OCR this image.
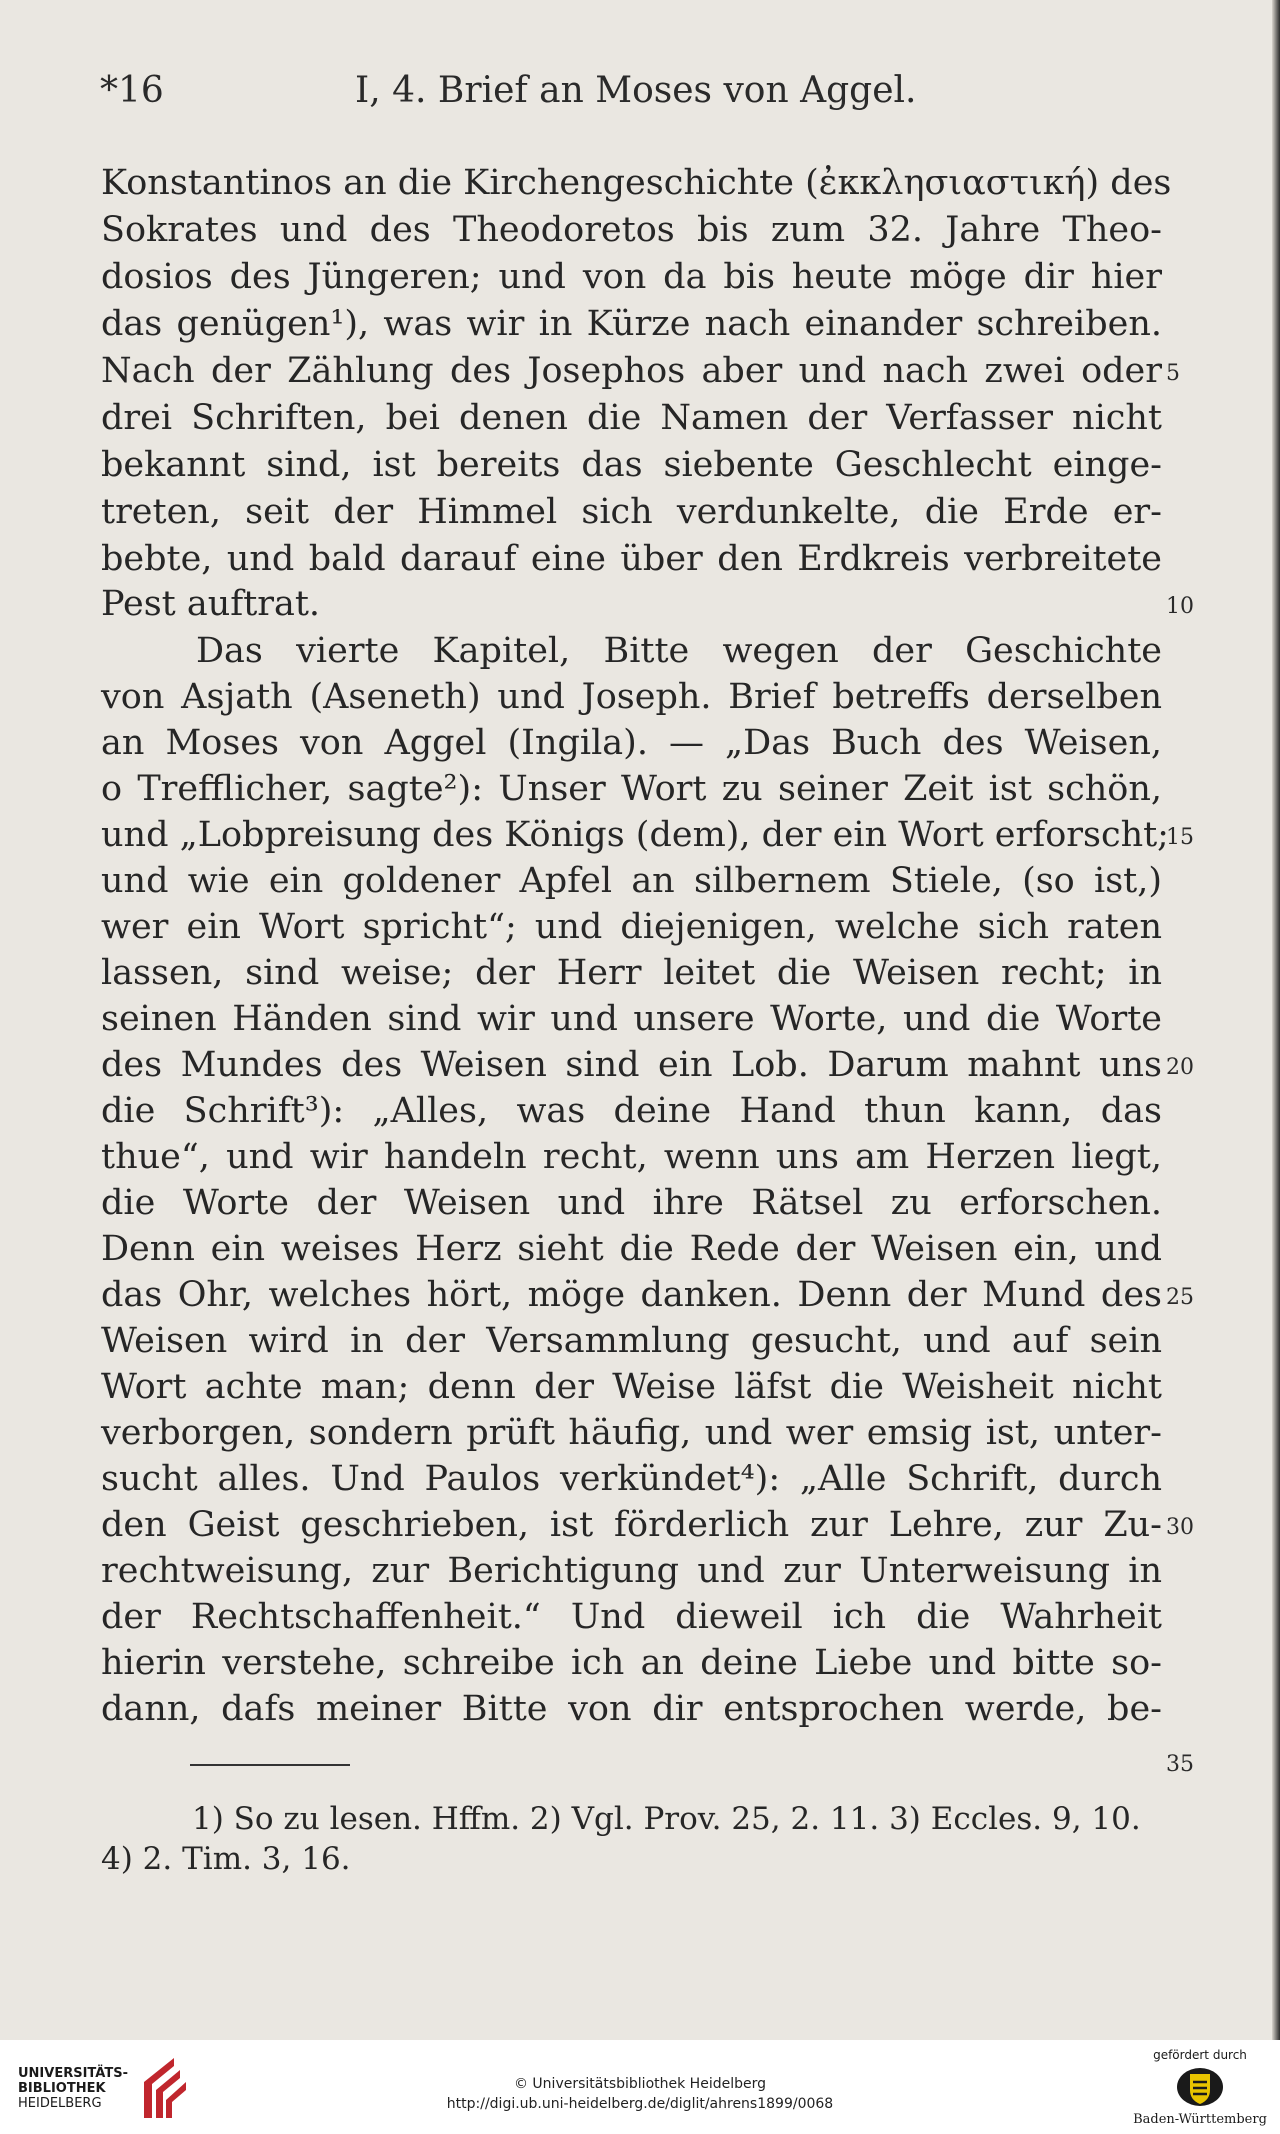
*16	I, 4. Brief an Moses von Aggel.
Konstantinos an die Kirchengeschichte (ἐκκλησιαστική) des
Sokrates und des Theodoretos bis zum 32. Jahre Theo-
dosios des Jüngeren; und von da bis heute möge dir hier
das genügen¹), was wir in Kürze nach einander schreiben.
Nach der Zählung des Josephos aber und nach zwei oder
drei Schriften, bei denen die Namen der Verfasser nicht
bekannt sind, ist bereits das siebente Geschlecht einge-
treten, seit der Himmel sich verdunkelte, die Erde er-
bebte, und bald darauf eine über den Erdkreis verbreitete
Pest auftrat.
Das vierte Kapitel, Bitte wegen der Geschichte
von Asjath (Aseneth) und Joseph. Brief betreffs derselben
an Moses von Aggel (Ingila). — „Das Buch des Weisen,
o Trefflicher, sagte²): Unser Wort zu seiner Zeit ist schön,
und „Lobpreisung des Königs (dem), der ein Wort erforscht;
und wie ein goldener Apfel an silbernem Stiele, (so ist,)
wer ein Wort spricht“; und diejenigen, welche sich raten
lassen, sind weise; der Herr leitet die Weisen recht; in
seinen Händen sind wir und unsere Worte, und die Worte
des Mundes des Weisen sind ein Lob. Darum mahnt uns
die Schrift³): „Alles, was deine Hand thun kann, das
thue“, und wir handeln recht, wenn uns am Herzen liegt,
die Worte der Weisen und ihre Rätsel zu erforschen.
Denn ein weises Herz sieht die Rede der Weisen ein, und
das Ohr, welches hört, möge danken. Denn der Mund des
Weisen wird in der Versammlung gesucht, und auf sein
Wort achte man; denn der Weise läfst die Weisheit nicht
verborgen, sondern prüft häufig, und wer emsig ist, unter-
sucht alles. Und Paulos verkündet⁴): „Alle Schrift, durch
den Geist geschrieben, ist förderlich zur Lehre, zur Zu-
rechtweisung, zur Berichtigung und zur Unterweisung in
der Rechtschaffenheit.“ Und dieweil ich die Wahrheit
hierin verstehe, schreibe ich an deine Liebe und bitte so-
dann, dafs meiner Bitte von dir entsprochen werde, be-
5
10
15
20
25
30
35
1) So zu lesen. Hffm. 2) Vgl. Prov. 25, 2. 11. 3) Eccles. 9, 10.
4) 2. Tim. 3, 16.
UNIVERSITÄTS-
BIBLIOTHEK
HEIDELBERG
© Universitätsbibliothek Heidelberg
http://digi.ub.uni-heidelberg.de/diglit/ahrens1899/0068
gefördert durch
Baden-Württemberg
